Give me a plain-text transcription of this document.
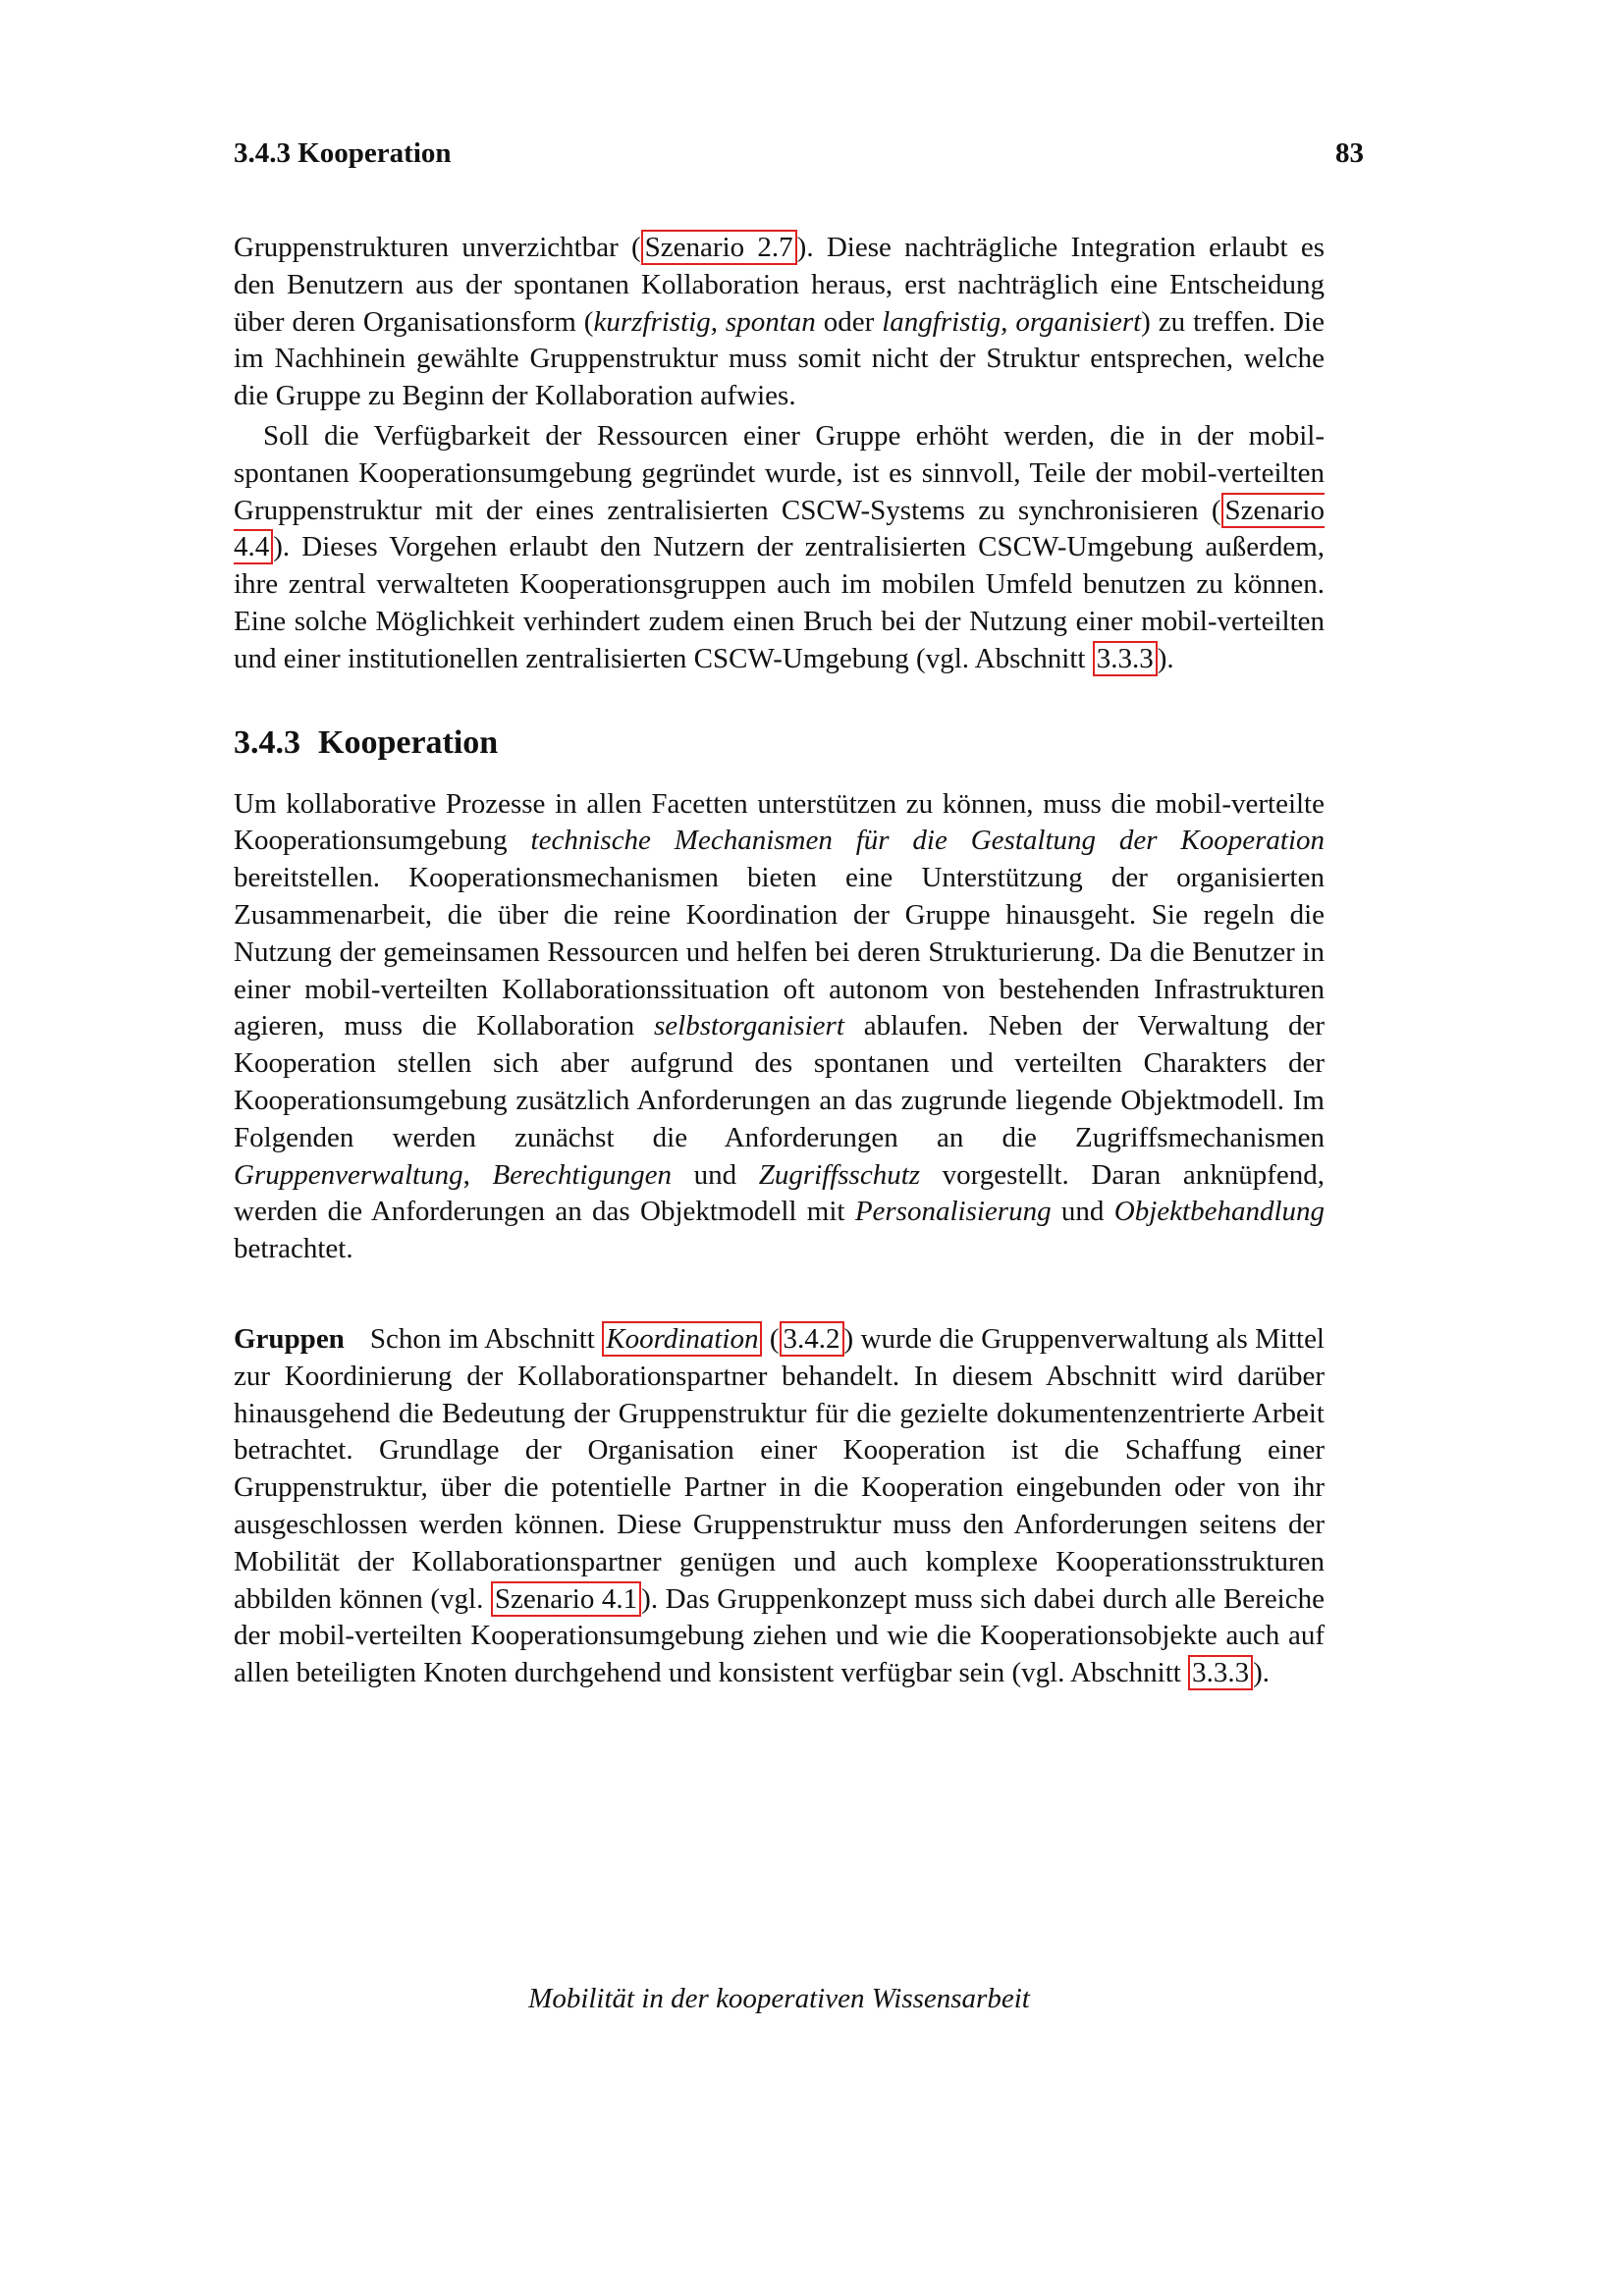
3.4.3 Kooperation	83

Gruppenstrukturen unverzichtbar ( Szenario 2.7 ). Diese nachträgliche Integration erlaubt es den Benutzern aus der spontanen Kollaboration heraus, erst nachträglich eine Entscheidung über deren Organisationsform (kurzfristig, spontan oder langfristig, organisiert) zu treffen. Die im Nachhinein gewählte Gruppenstruktur muss somit nicht der Struktur entsprechen, welche die Gruppe zu Beginn der Kollaboration aufwies.

Soll die Verfügbarkeit der Ressourcen einer Gruppe erhöht werden, die in der mobil-spontanen Kooperationsumgebung gegründet wurde, ist es sinnvoll, Teile der mobil-verteilten Gruppenstruktur mit der eines zentralisierten CSCW-Systems zu synchronisieren ( Szenario 4.4 ). Dieses Vorgehen erlaubt den Nutzern der zentralisierten CSCW-Umgebung außerdem, ihre zentral verwalteten Kooperationsgruppen auch im mobilen Umfeld benutzen zu können. Eine solche Möglichkeit verhindert zudem einen Bruch bei der Nutzung einer mobil-verteilten und einer institutionellen zentralisierten CSCW-Umgebung (vgl. Abschnitt 3.3.3 ).

3.4.3 Kooperation

Um kollaborative Prozesse in allen Facetten unterstützen zu können, muss die mobil-verteilte Kooperationsumgebung technische Mechanismen für die Gestaltung der Kooperation bereitstellen. Kooperationsmechanismen bieten eine Unterstützung der organisierten Zusammenarbeit, die über die reine Koordination der Gruppe hinausgeht. Sie regeln die Nutzung der gemeinsamen Ressourcen und helfen bei deren Strukturierung. Da die Benutzer in einer mobil-verteilten Kollaborationssituation oft autonom von bestehenden Infrastrukturen agieren, muss die Kollaboration selbstorganisiert ablaufen. Neben der Verwaltung der Kooperation stellen sich aber aufgrund des spontanen und verteilten Charakters der Kooperationsumgebung zusätzlich Anforderungen an das zugrunde liegende Objektmodell. Im Folgenden werden zunächst die Anforderungen an die Zugriffsmechanismen Gruppenverwaltung, Berechtigungen und Zugriffsschutz vorgestellt. Daran anknüpfend, werden die Anforderungen an das Objektmodell mit Personalisierung und Objektbehandlung betrachtet.

Gruppen Schon im Abschnitt Koordination ( 3.4.2 ) wurde die Gruppenverwaltung als Mittel zur Koordinierung der Kollaborationspartner behandelt. In diesem Abschnitt wird darüber hinausgehend die Bedeutung der Gruppenstruktur für die gezielte dokumentenzentrierte Arbeit betrachtet. Grundlage der Organisation einer Kooperation ist die Schaffung einer Gruppenstruktur, über die potentielle Partner in die Kooperation eingebunden oder von ihr ausgeschlossen werden können. Diese Gruppenstruktur muss den Anforderungen seitens der Mobilität der Kollaborationspartner genügen und auch komplexe Kooperationsstrukturen abbilden können (vgl. Szenario 4.1 ). Das Gruppenkonzept muss sich dabei durch alle Bereiche der mobil-verteilten Kooperationsumgebung ziehen und wie die Kooperationsobjekte auch auf allen beteiligten Knoten durchgehend und konsistent verfügbar sein (vgl. Abschnitt 3.3.3 ).

Mobilität in der kooperativen Wissensarbeit
